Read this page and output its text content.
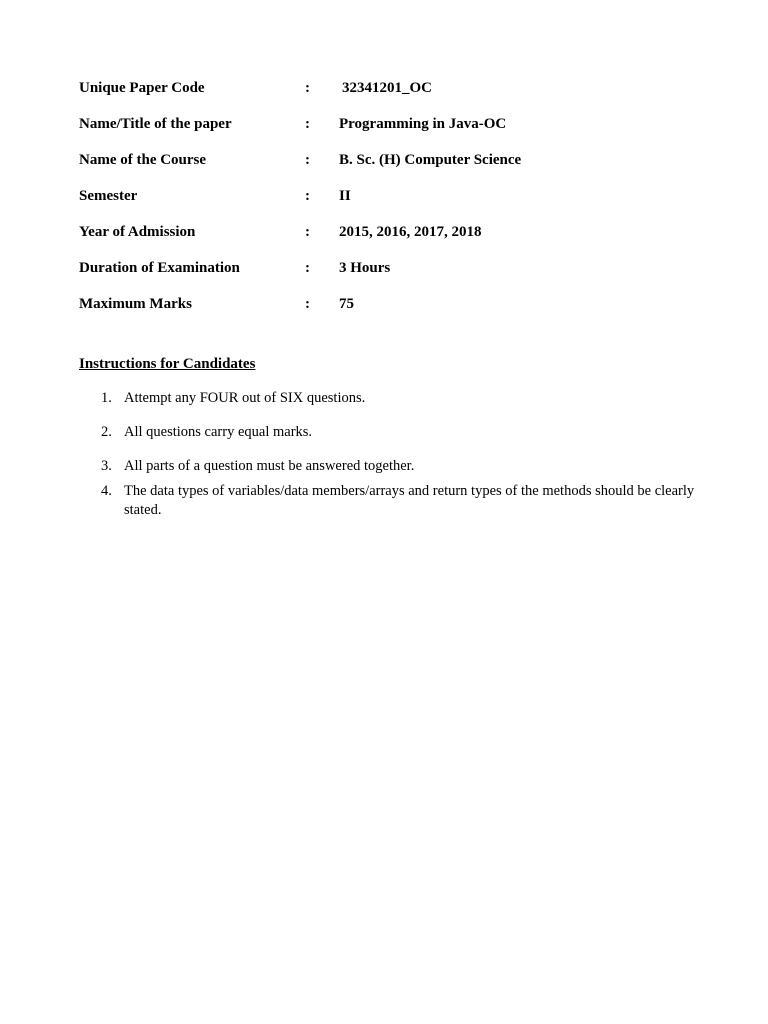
Unique Paper Code	: 32341201_OC
Name/Title of the paper	: Programming in Java-OC
Name of the Course	: B. Sc. (H) Computer Science
Semester	: II
Year of Admission	: 2015, 2016, 2017, 2018
Duration of Examination	: 3 Hours
Maximum Marks	: 75
Instructions for Candidates
1. Attempt any FOUR out of SIX questions.
2. All questions carry equal marks.
3. All parts of a question must be answered together.
4. The data types of variables/data members/arrays and return types of the methods should be clearly stated.
